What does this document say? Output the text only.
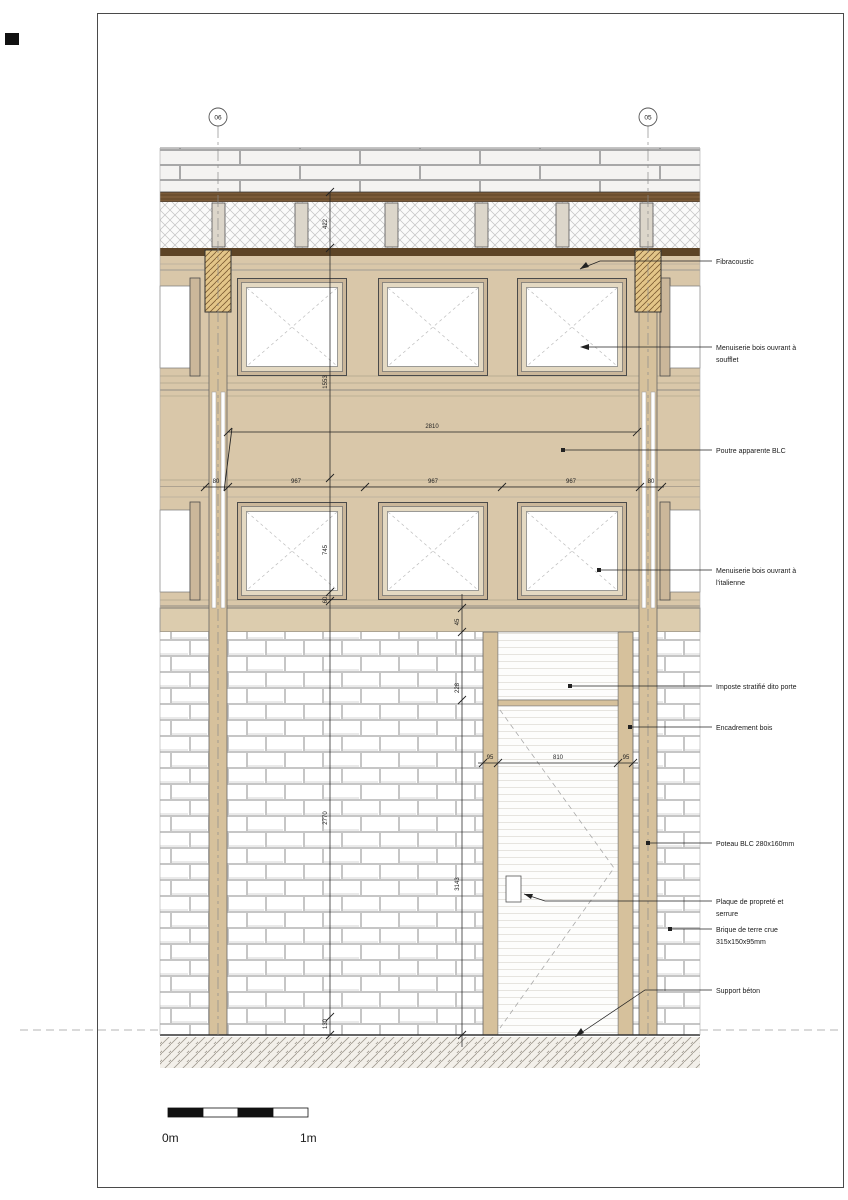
06	05
2810
80	967	967	967	80
95	810	95
422
1553
745
60
2770
130
45
228
3143
Fibracoustic
Menuiserie bois ouvrant à
soufflet
Poutre apparente BLC
Menuiserie bois ouvrant à
l'italienne
Imposte stratifié dito porte
Encadrement bois
Poteau BLC 280x160mm
Plaque de propreté et
serrure
Brique de terre crue
315x150x95mm
Support béton
0m	1m
